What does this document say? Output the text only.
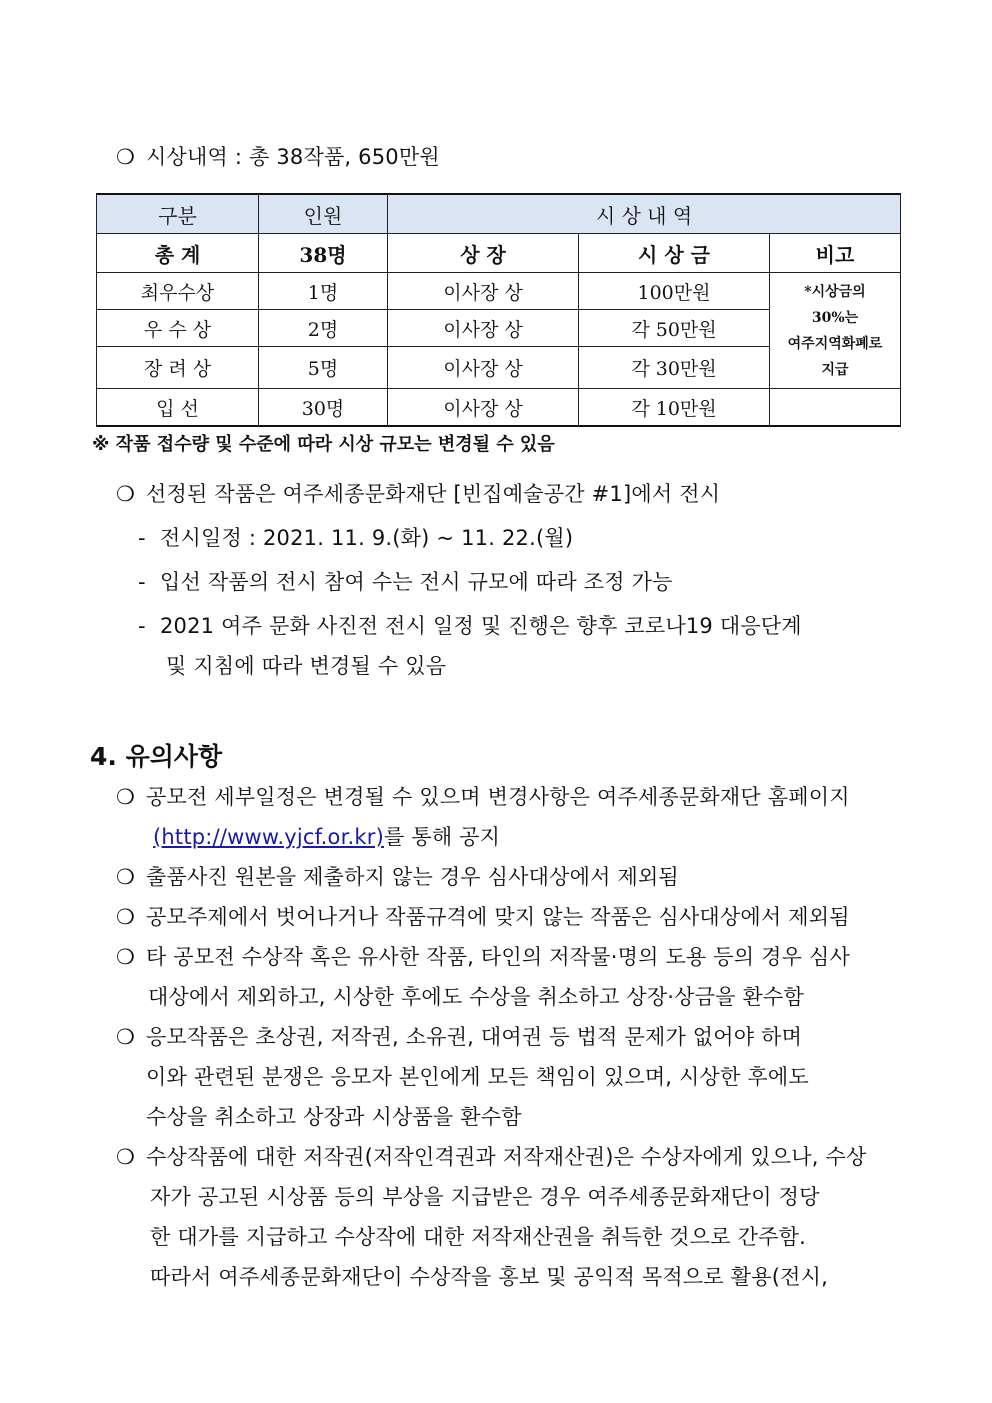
❍ 시상내역 : 총 38작품, 650만원
구분	인원	시 상 내 역		
총 계	38명	상 장	시 상 금	비고
최우수상	1명	이사장 상	100만원	*시상금의
30%는
여주지역화폐로
지급

우 수 상	2명	이사장 상	각 50만원	
장 려 상	5명	이사장 상	각 30만원	
입 선	30명	이사장 상	각 10만원	
※ 작품 접수량 및 수준에 따라 시상 규모는 변경될 수 있음
❍ 선정된 작품은 여주세종문화재단 [빈집예술공간 #1]에서 전시
- 전시일정 : 2021. 11. 9.(화) ~ 11. 22.(월)
- 입선 작품의 전시 참여 수는 전시 규모에 따라 조정 가능
- 2021 여주 문화 사진전 전시 일정 및 진행은 향후 코로나19 대응단계
및 지침에 따라 변경될 수 있음
4. 유의사항
❍ 공모전 세부일정은 변경될 수 있으며 변경사항은 여주세종문화재단 홈페이지
(http://www.yjcf.or.kr)를 통해 공지
❍ 출품사진 원본을 제출하지 않는 경우 심사대상에서 제외됨
❍ 공모주제에서 벗어나거나 작품규격에 맞지 않는 작품은 심사대상에서 제외됨
❍ 타 공모전 수상작 혹은 유사한 작품, 타인의 저작물·명의 도용 등의 경우 심사
대상에서 제외하고, 시상한 후에도 수상을 취소하고 상장·상금을 환수함
❍ 응모작품은 초상권, 저작권, 소유권, 대여권 등 법적 문제가 없어야 하며
이와 관련된 분쟁은 응모자 본인에게 모든 책임이 있으며, 시상한 후에도
수상을 취소하고 상장과 시상품을 환수함
❍ 수상작품에 대한 저작권(저작인격권과 저작재산권)은 수상자에게 있으나, 수상
자가 공고된 시상품 등의 부상을 지급받은 경우 여주세종문화재단이 정당
한 대가를 지급하고 수상작에 대한 저작재산권을 취득한 것으로 간주함.
따라서 여주세종문화재단이 수상작을 홍보 및 공익적 목적으로 활용(전시,
